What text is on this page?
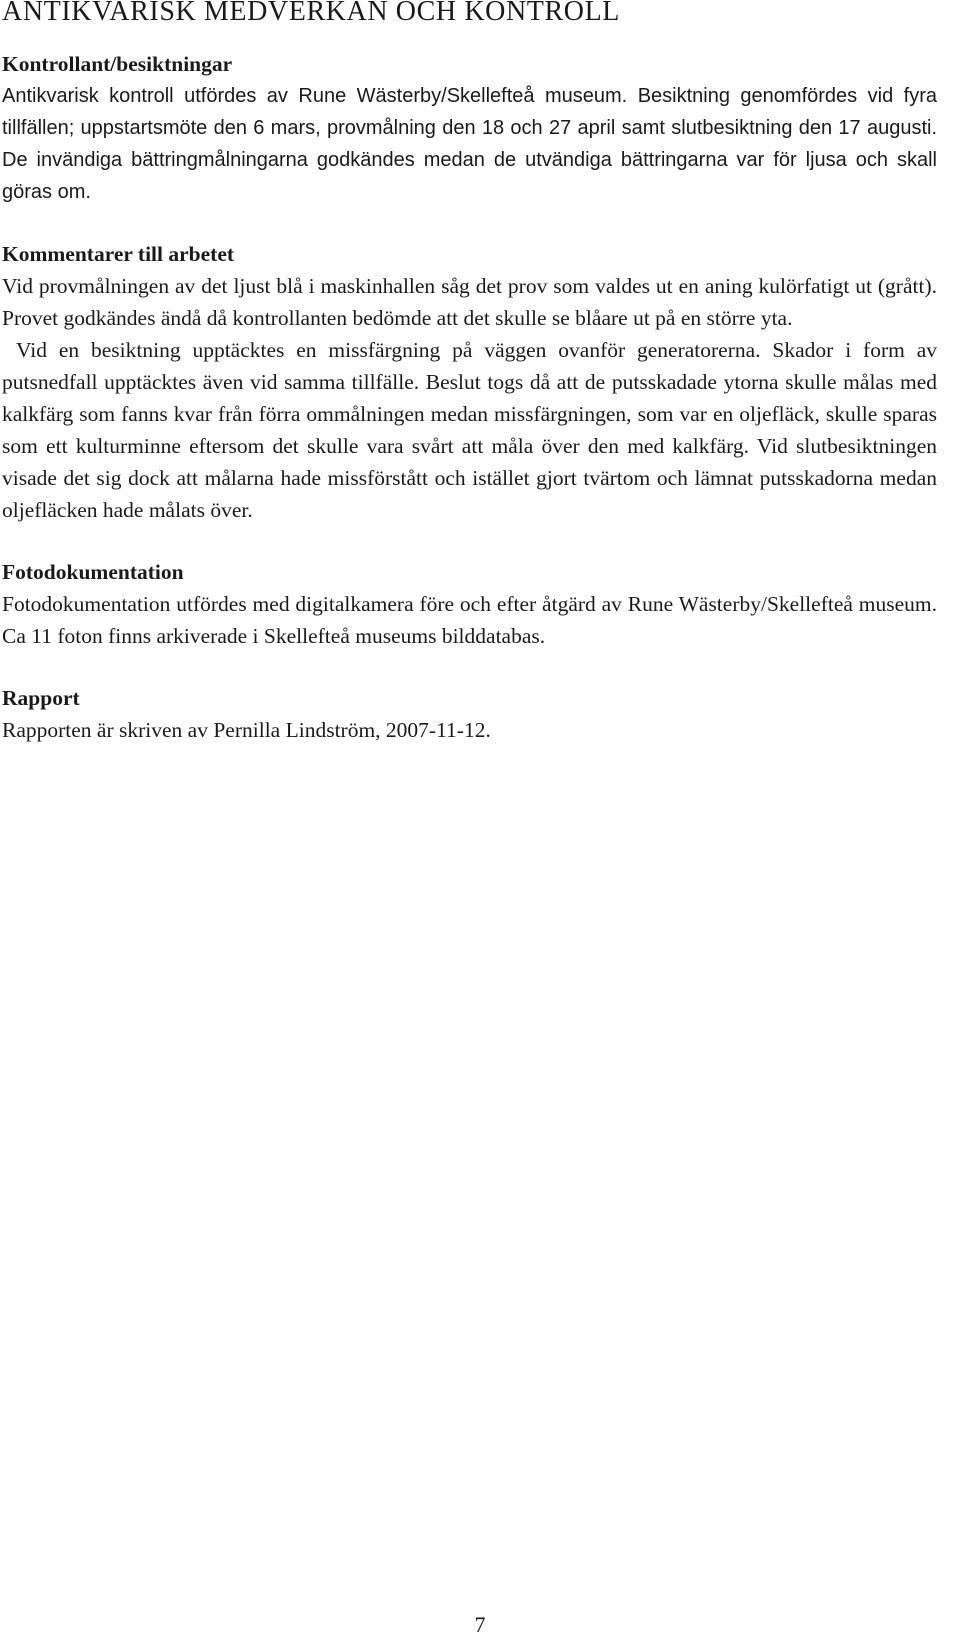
ANTIKVARISK MEDVERKAN OCH KONTROLL
Kontrollant/besiktningar

Antikvarisk kontroll utfördes av Rune Wästerby/Skellefteå museum. Besiktning genomfördes vid fyra tillfällen; uppstartsmöte den 6 mars, provmålning den 18 och 27 april samt slutbesiktning den 17 augusti. De invändiga bättringmålningarna godkändes medan de utvändiga bättringarna var för ljusa och skall göras om.

Kommentarer till arbetet

Vid provmålningen av det ljust blå i maskinhallen såg det prov som valdes ut en aning kulörfatigt ut (grått). Provet godkändes ändå då kontrollanten bedömde att det skulle se blåare ut på en större yta.

Vid en besiktning upptäcktes en missfärgning på väggen ovanför generatorerna. Skador i form av putsnedfall upptäcktes även vid samma tillfälle. Beslut togs då att de putsskadade ytorna skulle målas med kalkfärg som fanns kvar från förra ommålningen medan missfärgningen, som var en oljefläck, skulle sparas som ett kulturminne eftersom det skulle vara svårt att måla över den med kalkfärg. Vid slutbesiktningen visade det sig dock att målarna hade missförstått och istället gjort tvärtom och lämnat putsskadorna medan oljefläcken hade målats över.

Fotodokumentation

Fotodokumentation utfördes med digitalkamera före och efter åtgärd av Rune Wästerby/Skellefteå museum. Ca 11 foton finns arkiverade i Skellefteå museums bilddatabas.

Rapport

Rapporten är skriven av Pernilla Lindström, 2007-11-12.

7
